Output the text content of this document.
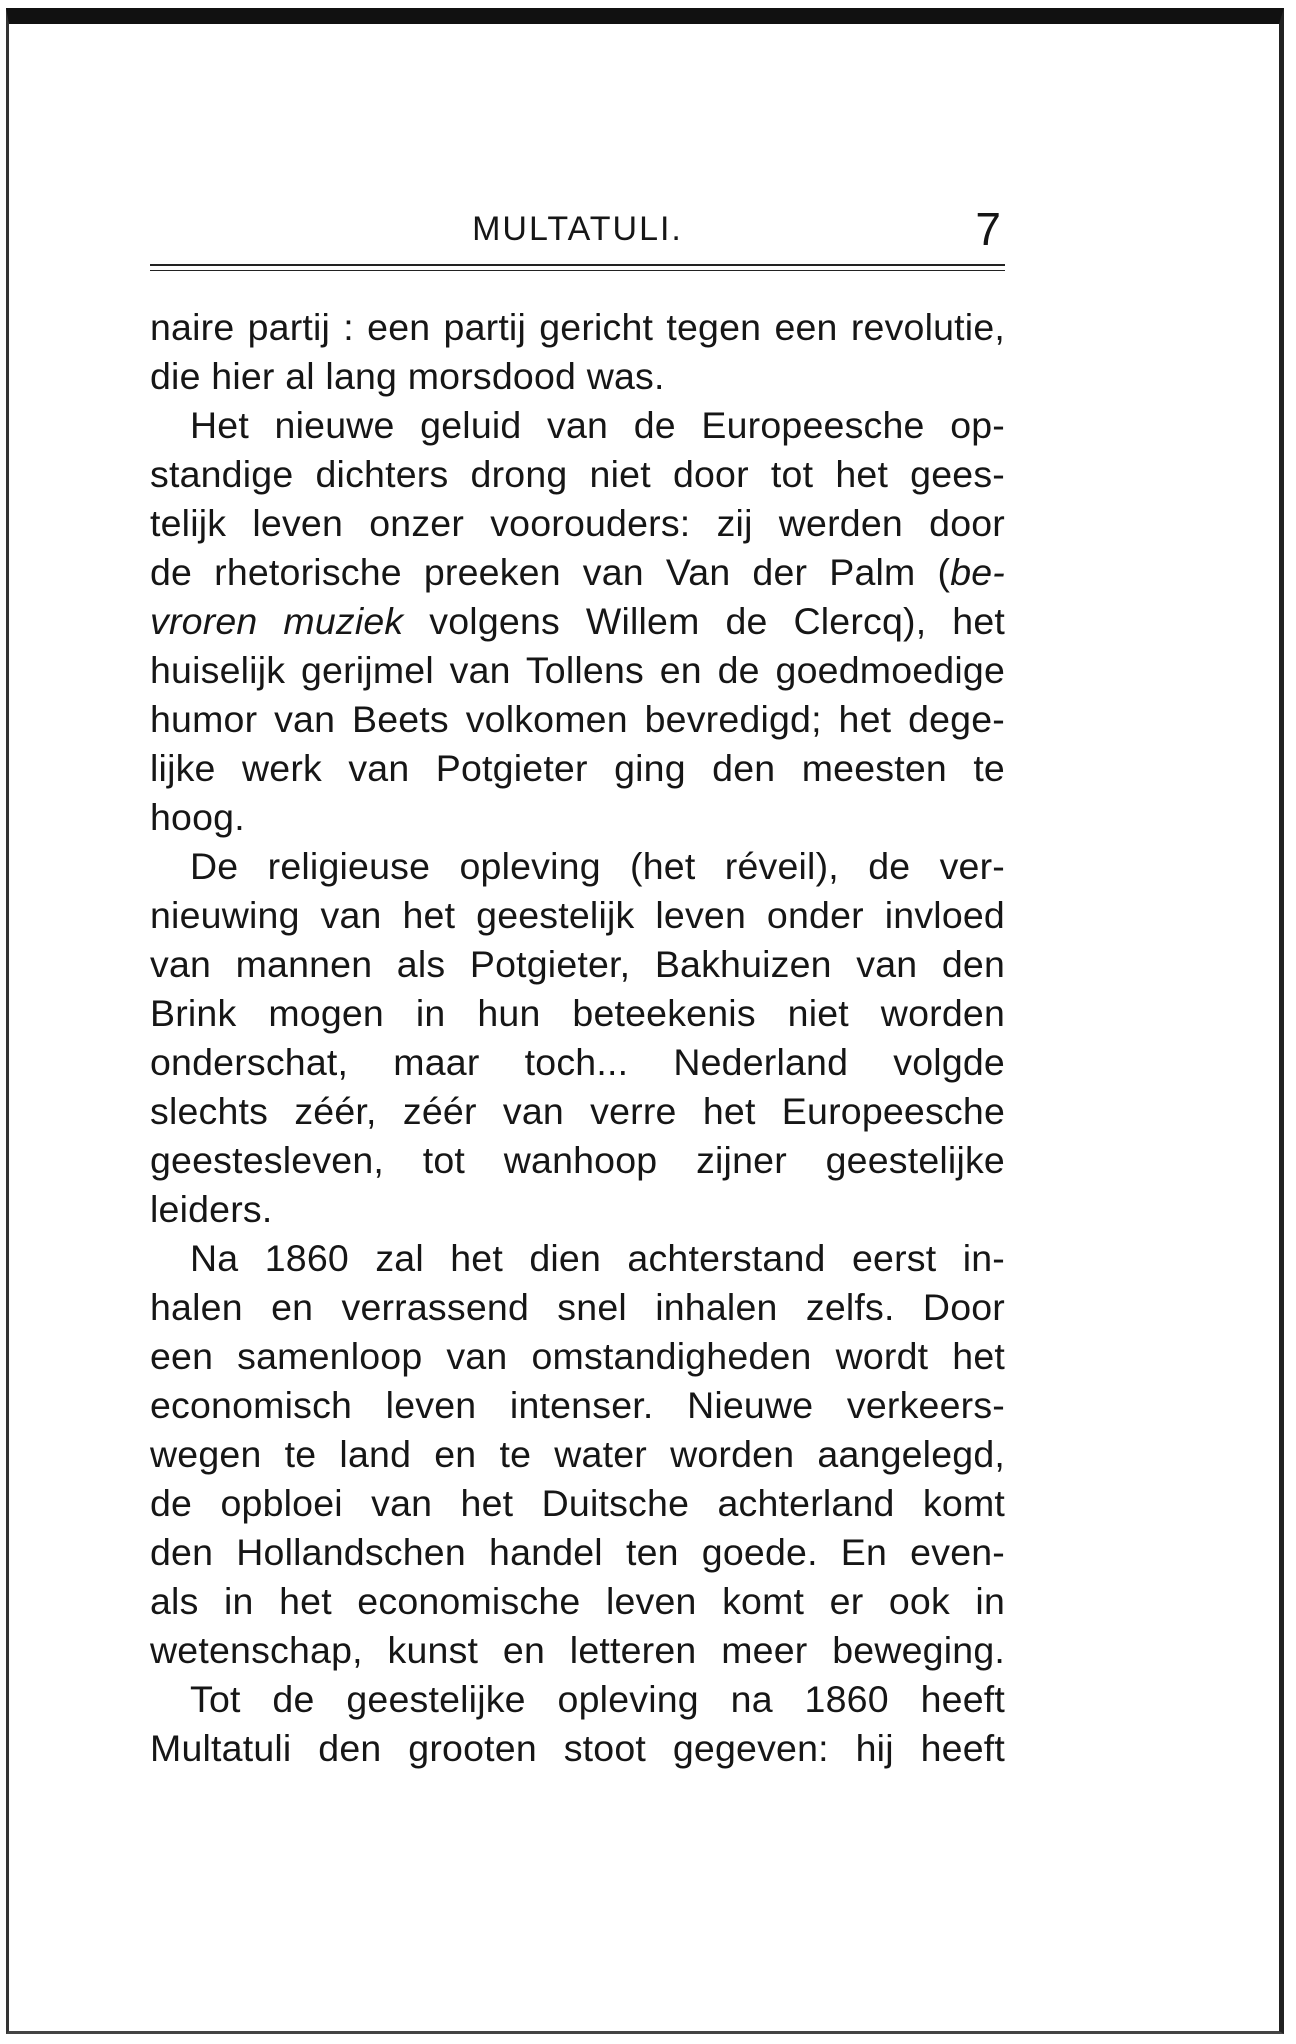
MULTATULI.	7

naire partij : een partij gericht tegen een revolutie,

die hier al lang morsdood was.

Het nieuwe geluid van de Europeesche op-

standige dichters drong niet door tot het gees-

telijk leven onzer voorouders: zij werden door

de rhetorische preeken van Van der Palm (be-

vroren muziek volgens Willem de Clercq), het

huiselijk gerijmel van Tollens en de goedmoedige

humor van Beets volkomen bevredigd; het dege-

lijke werk van Potgieter ging den meesten te

hoog.

De religieuse opleving (het réveil), de ver-

nieuwing van het geestelijk leven onder invloed

van mannen als Potgieter, Bakhuizen van den

Brink mogen in hun beteekenis niet worden

onderschat, maar toch... Nederland volgde

slechts zéér, zéér van verre het Europeesche

geestesleven, tot wanhoop zijner geestelijke

leiders.

Na 1860 zal het dien achterstand eerst in-

halen en verrassend snel inhalen zelfs. Door

een samenloop van omstandigheden wordt het

economisch leven intenser. Nieuwe verkeers-

wegen te land en te water worden aangelegd,

de opbloei van het Duitsche achterland komt

den Hollandschen handel ten goede. En even-

als in het economische leven komt er ook in

wetenschap, kunst en letteren meer beweging.

Tot de geestelijke opleving na 1860 heeft

Multatuli den grooten stoot gegeven: hij heeft
